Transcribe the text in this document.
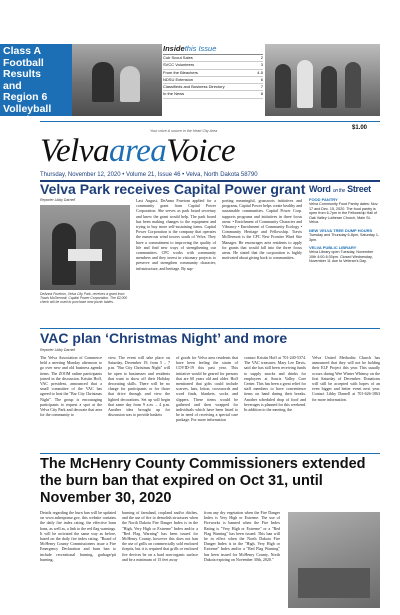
Class A
Football
Results
and
Region 6
Volleyball
Bracket
Page 6
Insidethis Issue
Cub Scout Sales	2
SVCC Volunteers	3
From the Bleachers	4-5
NDSU Extension	6
Classifieds and Business Directory	7
In the News	8
$1.00
Your voice & source in the Heart City Area
VelvaareaVoice
Thursday, November 12, 2020 • Volume 21, Issue 46 • Velva, North Dakota 58790
Velva Park receives Capital Power grant
Reporter Libby Darnell
DeAnna Fruetom, Velva City Park, receives a grant from Travis McDermott, Capital Power Corporation. The $2,000 check will be used to purchase new picnic tables.
Last August, DeAnna Fruetom applied for a community grant from Capital Power Corporation. She serves as park board secretary and knew the grant would help. The park board has been making changes to the equipment and trying to buy more self-sustaining items. Capital Power Corporation is the company that operates the numerous wind towers south of Velva. They have a commitment to improving the quality of life and find new ways of strengthening our communities. CPC works with community members and they invest in visionary projects to preserve and strengthen community character, infrastructure, and heritage. By sup-
porting meaningful, grassroots initiatives and programs, Capital Power helps create healthy and sustainable communities. Capital Power Corp. supports programs and initiatives in three focus areas: • Enrichment of Community Character and Vibrancy • Enrichment of Community Ecology • Community Heritage and Fellowship. Travis McDermott is the CPC New Frontier Wind Site Manager. He encourages area residents to apply for grants that would fall into the three focus areas. He stated that the corporation is highly motivated about giving back to communities.
Word on the Street
FOOD PANTRY
Velva Community Food Pantry dates: Nov. 17 and Dec. 15, 2020. The food pantry is open from 6-7pm in the Fellowship Hall of Oak Valley Lutheran Church, Main St. Velva.
NEW VELVA TREE DUMP HOURS
Tuesday and Thursday 6-8pm, Saturday 1-3pm.
VELVA PUBLIC LIBRARY
Velva Library open Tuesday, November 10th 4:00-6:30pm. Closed Wednesday, November 11 due to Veteran's Day.
VAC plan ‘Christmas Night’ and more
Reporter Libby Darnell
The Velva Association of Commerce held a meeting Monday afternoon to go over new and old business agenda items. The ZOOM online participants joined in the discussion. Kristin Hoff, VAC president, announced that a small committee of the VAC has agreed to host the "Bar City Christmas Night". The group is encouraging participants to request a spot at the Velva City Park and decorate that area for the community to
view. The event will take place on Saturday, December 19, from 5 – 7 p.m. "Bar City Christmas Night" will be open to businesses and residents that want to show off their Holiday decorating skills. There will be no charge for participants or for those that drive through and view the lighted decorations. Set up will begin that same day from 9 a.m. – 4 p.m. Another idea brought up for discussion was to provide baskets
of goods for Velva area residents that have been feeling the strain of COVID-19 this past year. This initiative would be geared for persons that are 60 years old and older. Hoff mentioned that gifts could include scarves, hats, lotion, crosswords and word finds, blankets, socks and slippers. These items would be gathered and then wrapped for individuals which have been listed to be in need of receiving a special care package. For more information
contact Kristin Hoff at 701-240-5374. The VAC treasurer, Mary Lee Davis, said she has still been receiving funds to supply snacks and drinks for employees at Souris Valley Care Center. This has been a great relief for staff members to have convenience items on hand during their breaks. Another scheduled drop of food and beverages is planned for this weekend. In addition to the meeting, the
Velva United Methodist Church has announced that they will not be holding their ELF Project this year. This usually occurs during Wee Winter Whimsy on the first Saturday of December. Donations will still be accepted with hopes of an even bigger and better event next year. Contact Libby Darnell at 701-626-1863 for more information.
The McHenry County Commissioners extended the burn ban that expired on Oct 31, until November 30, 2020
Details regarding the burn ban will be updated on www.ndresponse.gov, this website contains the daily fire index rating, the effective burn bans, as well as, a link to the red flag warnings. It will be activated the same way as before, based on the daily fire index rating. "Board of McHenry County Commissioners issue a Fire Emergency Declaration and burn ban to include recreational burning, garbage/pit burning,
burning of farmland, cropland and/or ditches, and the use of fire to demolish structures when the North Dakota Fire Danger Index is in the "High, Very High or Extreme" Index and/or a "Red Flag Warning" has been issued for McHenry County, however this does not ban the use of grills on commercially sold enclosed firepits, but it is required that grills or enclosed fire devices be on a hard non-organic surface and be a minimum of 15 feet away
from any dry vegetation when the Fire Danger Index is Very High or Extreme. The use of Fireworks is banned when the Fire Index Rating is "Very High or Extreme" or a "Red Flag Warning" has been issued. This ban will be in effect when the North Dakota Fire Danger Index is in the "High, Very High or Extreme" Index and/or a "Red Flag Warning" has been issued for McHenry County, North Dakota expiring on November 30th, 2020."
